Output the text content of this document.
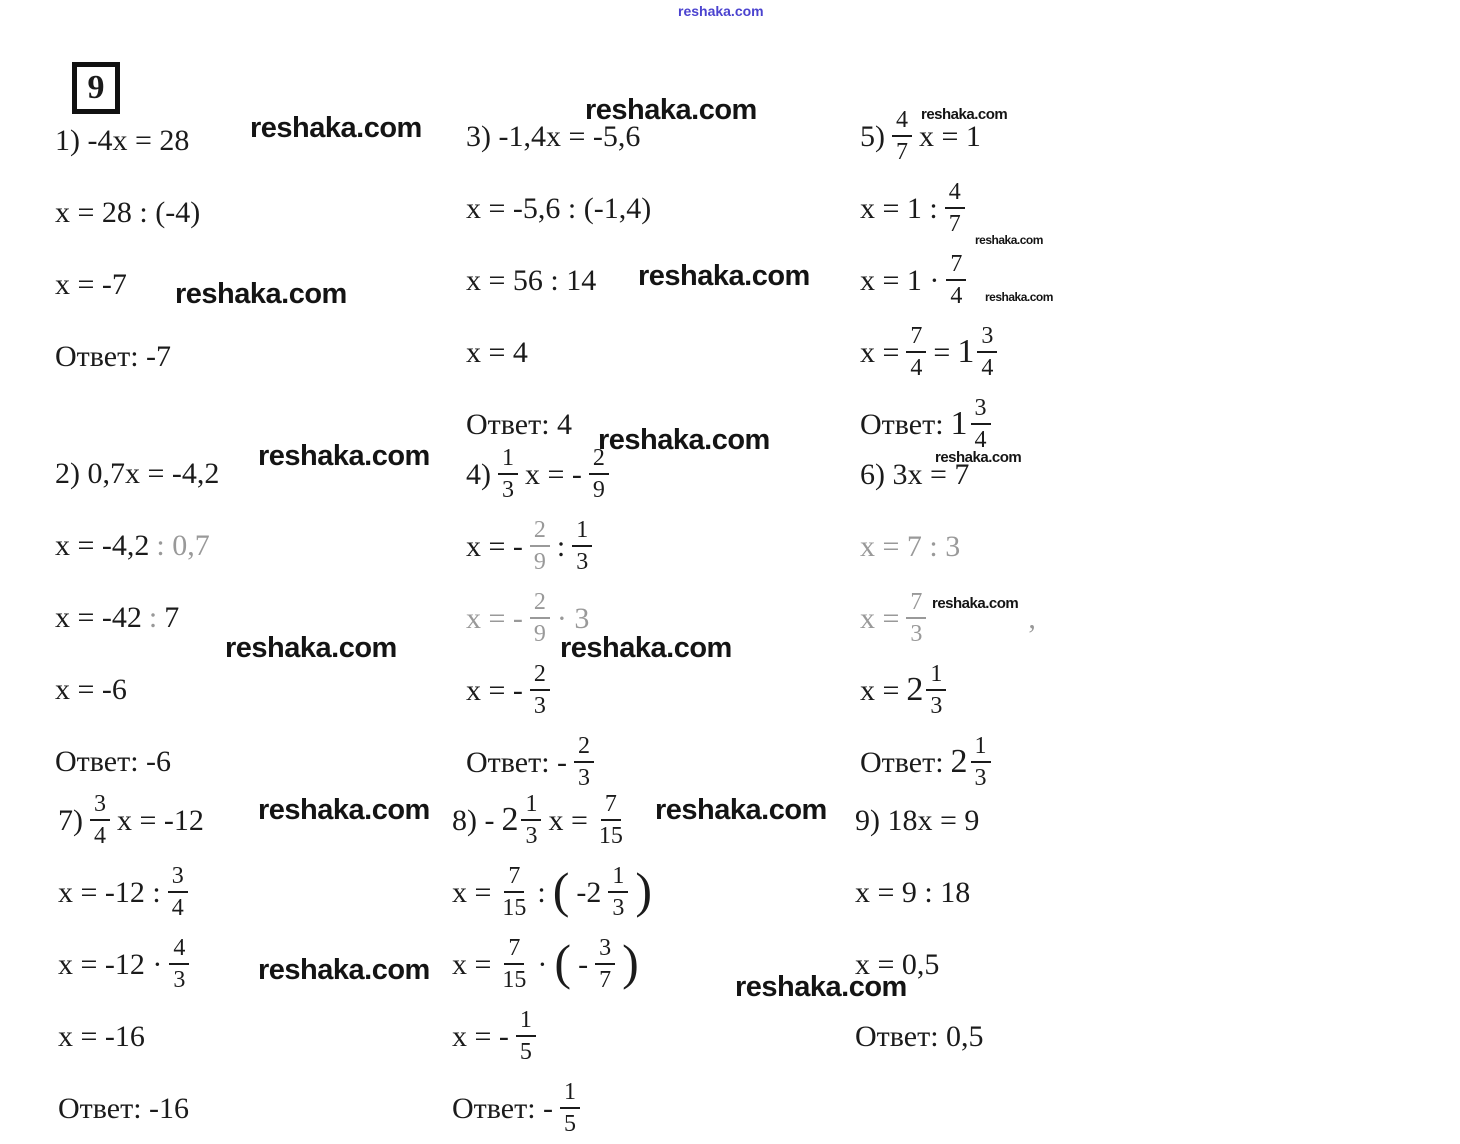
reshaka.com
9
1) -4x = 28
x = 28 : (-4)
x = -7
Ответ: -7
2) 0,7x = -4,2
x = -4,2 : 0,7
x = -42 : 7
x = -6
Ответ: -6
3) -1,4x = -5,6
x = -5,6 : (-1,4)
x = 56 : 14
x = 4
Ответ: 4
$4) \frac{1}{3}$ x = - $\frac{2}{9}$
x = - $\frac{2}{9}$ : $\frac{1}{3}$
x = - $\frac{2}{9} \cdot 3$
x = - $\frac{2}{3}$
Ответ: - $\frac{2}{3}$
$5) \frac{4}{7}$ x = 1
x = 1 : $\frac{4}{7}$
$x = 1 \cdot \frac{7}{4}$
$x = \frac{7}{4} = 1 \frac{3}{4}$
Ответ: $1 \frac{3}{4}$
6) 3x = 7
x = 7 : 3
$x = \frac{7}{3}$	,
$x = 2 \frac{1}{3}$
Ответ: $2 \frac{1}{3}$
$7) \frac{3}{4}$ x = -12
x = -12 : $\frac{3}{4}$
$x = -12 \cdot \frac{4}{3}$
x = -16
Ответ: -16
$8) - 2 \frac{1}{3}$ $x = \frac{7}{15}$
$x = \frac{7}{15}$ : ( $-2 \frac{1}{3}$ )
$x = \frac{7}{15}$ · ( - $\frac{3}{7}$ )
x = - $\frac{1}{5}$
Ответ: - $\frac{1}{5}$
9) 18x = 9
x = 9 : 18
x = 0,5
Ответ: 0,5
reshaka.com
reshaka.com	reshaka.com
reshaka.com
reshaka.com
reshaka.com
reshaka.com
reshaka.com	reshaka.com
reshaka.com
reshaka.com	reshaka.com
reshaka.com
reshaka.com	reshaka.com
reshaka.com
reshaka.com
